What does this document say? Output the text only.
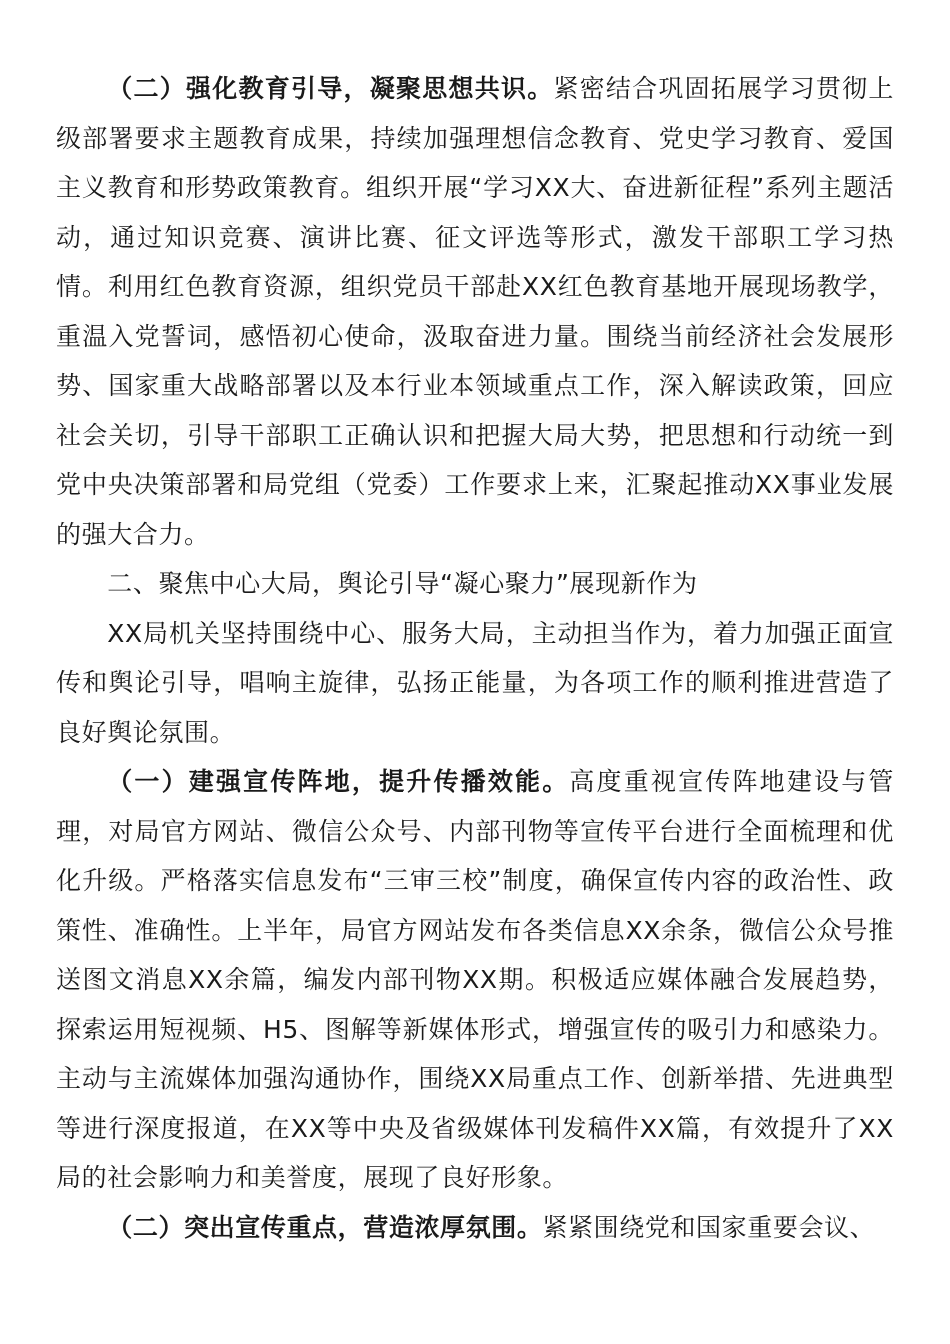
（二）强化教育引导，凝聚思想共识。紧密结合巩固拓展学习贯彻上级部署要求主题教育成果，持续加强理想信念教育、党史学习教育、爱国主义教育和形势政策教育。组织开展“学习XX大、奋进新征程”系列主题活动，通过知识竞赛、演讲比赛、征文评选等形式，激发干部职工学习热情。利用红色教育资源，组织党员干部赴XX红色教育基地开展现场教学，重温入党誓词，感悟初心使命，汲取奋进力量。围绕当前经济社会发展形势、国家重大战略部署以及本行业本领域重点工作，深入解读政策，回应社会关切，引导干部职工正确认识和把握大局大势，把思想和行动统一到党中央决策部署和局党组（党委）工作要求上来，汇聚起推动XX事业发展的强大合力。

二、聚焦中心大局，舆论引导“凝心聚力”展现新作为

XX局机关坚持围绕中心、服务大局，主动担当作为，着力加强正面宣传和舆论引导，唱响主旋律，弘扬正能量，为各项工作的顺利推进营造了良好舆论氛围。

（一）建强宣传阵地，提升传播效能。高度重视宣传阵地建设与管理，对局官方网站、微信公众号、内部刊物等宣传平台进行全面梳理和优化升级。严格落实信息发布“三审三校”制度，确保宣传内容的政治性、政策性、准确性。上半年，局官方网站发布各类信息XX余条，微信公众号推送图文消息XX余篇，编发内部刊物XX期。积极适应媒体融合发展趋势，探索运用短视频、H5、图解等新媒体形式，增强宣传的吸引力和感染力。主动与主流媒体加强沟通协作，围绕XX局重点工作、创新举措、先进典型等进行深度报道，在XX等中央及省级媒体刊发稿件XX篇，有效提升了XX局的社会影响力和美誉度，展现了良好形象。

（二）突出宣传重点，营造浓厚氛围。紧紧围绕党和国家重要会议、
